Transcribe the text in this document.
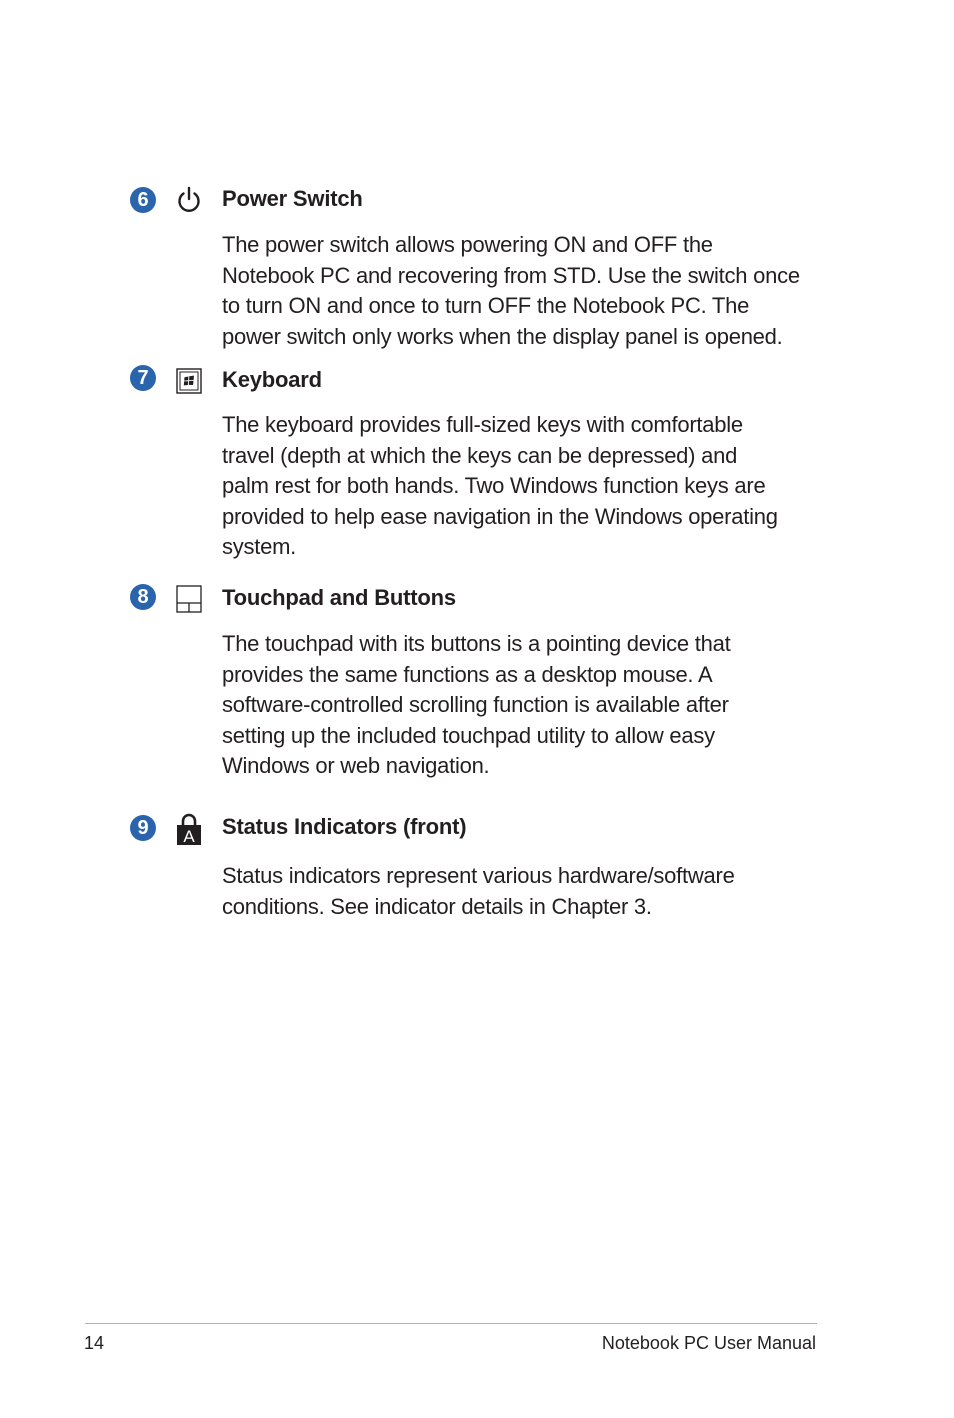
6	Power Switch
The power switch allows powering ON and OFF the
Notebook PC and recovering from STD. Use the switch once
to turn ON and once to turn OFF the Notebook PC. The
power switch only works when the display panel is opened.
7	Keyboard
The keyboard provides full-sized keys with comfortable
travel (depth at which the keys can be depressed) and
palm rest for both hands. Two Windows function keys are
provided to help ease navigation in the Windows operating
system.
8	Touchpad and Buttons
The touchpad with its buttons is a pointing device that
provides the same functions as a desktop mouse. A
software-controlled scrolling function is available after
setting up the included touchpad utility to allow easy
Windows or web navigation.
9	A Status Indicators (front)
Status indicators represent various hardware/software
conditions. See indicator details in Chapter 3.
14	Notebook PC User Manual
